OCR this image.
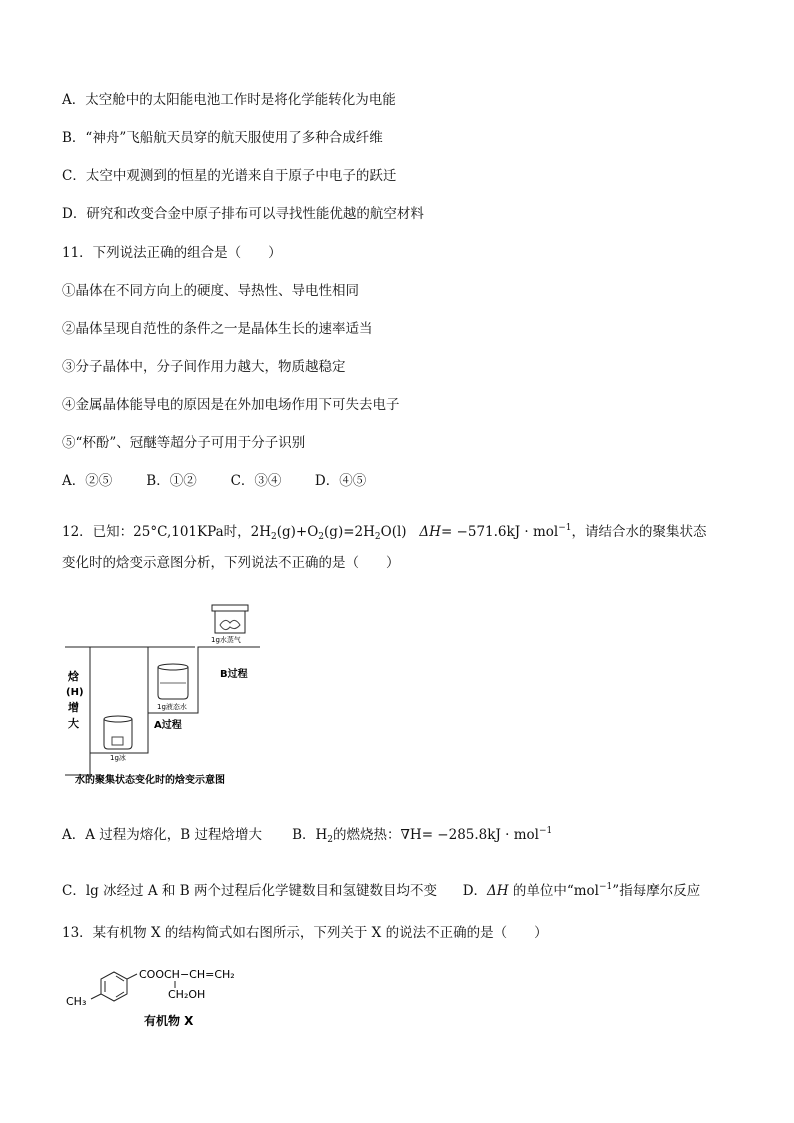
A．太空舱中的太阳能电池工作时是将化学能转化为电能
B．“神舟”飞船航天员穿的航天服使用了多种合成纤维
C．太空中观测到的恒星的光谱来自于原子中电子的跃迁
D．研究和改变合金中原子排布可以寻找性能优越的航空材料
11．下列说法正确的组合是（　　）
①晶体在不同方向上的硬度、导热性、导电性相同
②晶体呈现自范性的条件之一是晶体生长的速率适当
③分子晶体中，分子间作用力越大，物质越稳定
④金属晶体能导电的原因是在外加电场作用下可失去电子
⑤“杯酚”、冠醚等超分子可用于分子识别
A．②⑤	B．①②	C．③④ D．④⑤
12．已知：25°C,101KPa时，$2H_2(g)+O_2(g)=2H_2O(l)$ ΔH= −571.6kJ · mol$^{-1}$，请结合水的聚集状态
变化时的焓变示意图分析，下列说法不正确的是（　　）
焓
(H)
增
大
1g水蒸气
1g液态水
1g冰
A过程
B过程
水的聚集状态变化时的焓变示意图
A．A 过程为熔化，B 过程焓增大 B．$H_2$的燃烧热：∇H= −285.8kJ · mol$^{-1}$
C．lg 冰经过 A 和 B 两个过程后化学键数目和氢键数目均不变 D．ΔH 的单位中“mol$^{-1}$”指每摩尔反应
13．某有机物 X 的结构简式如右图所示，下列关于 X 的说法不正确的是（　　）
CH₃
COOCH−CH=CH₂
CH₂OH
有机物 X
